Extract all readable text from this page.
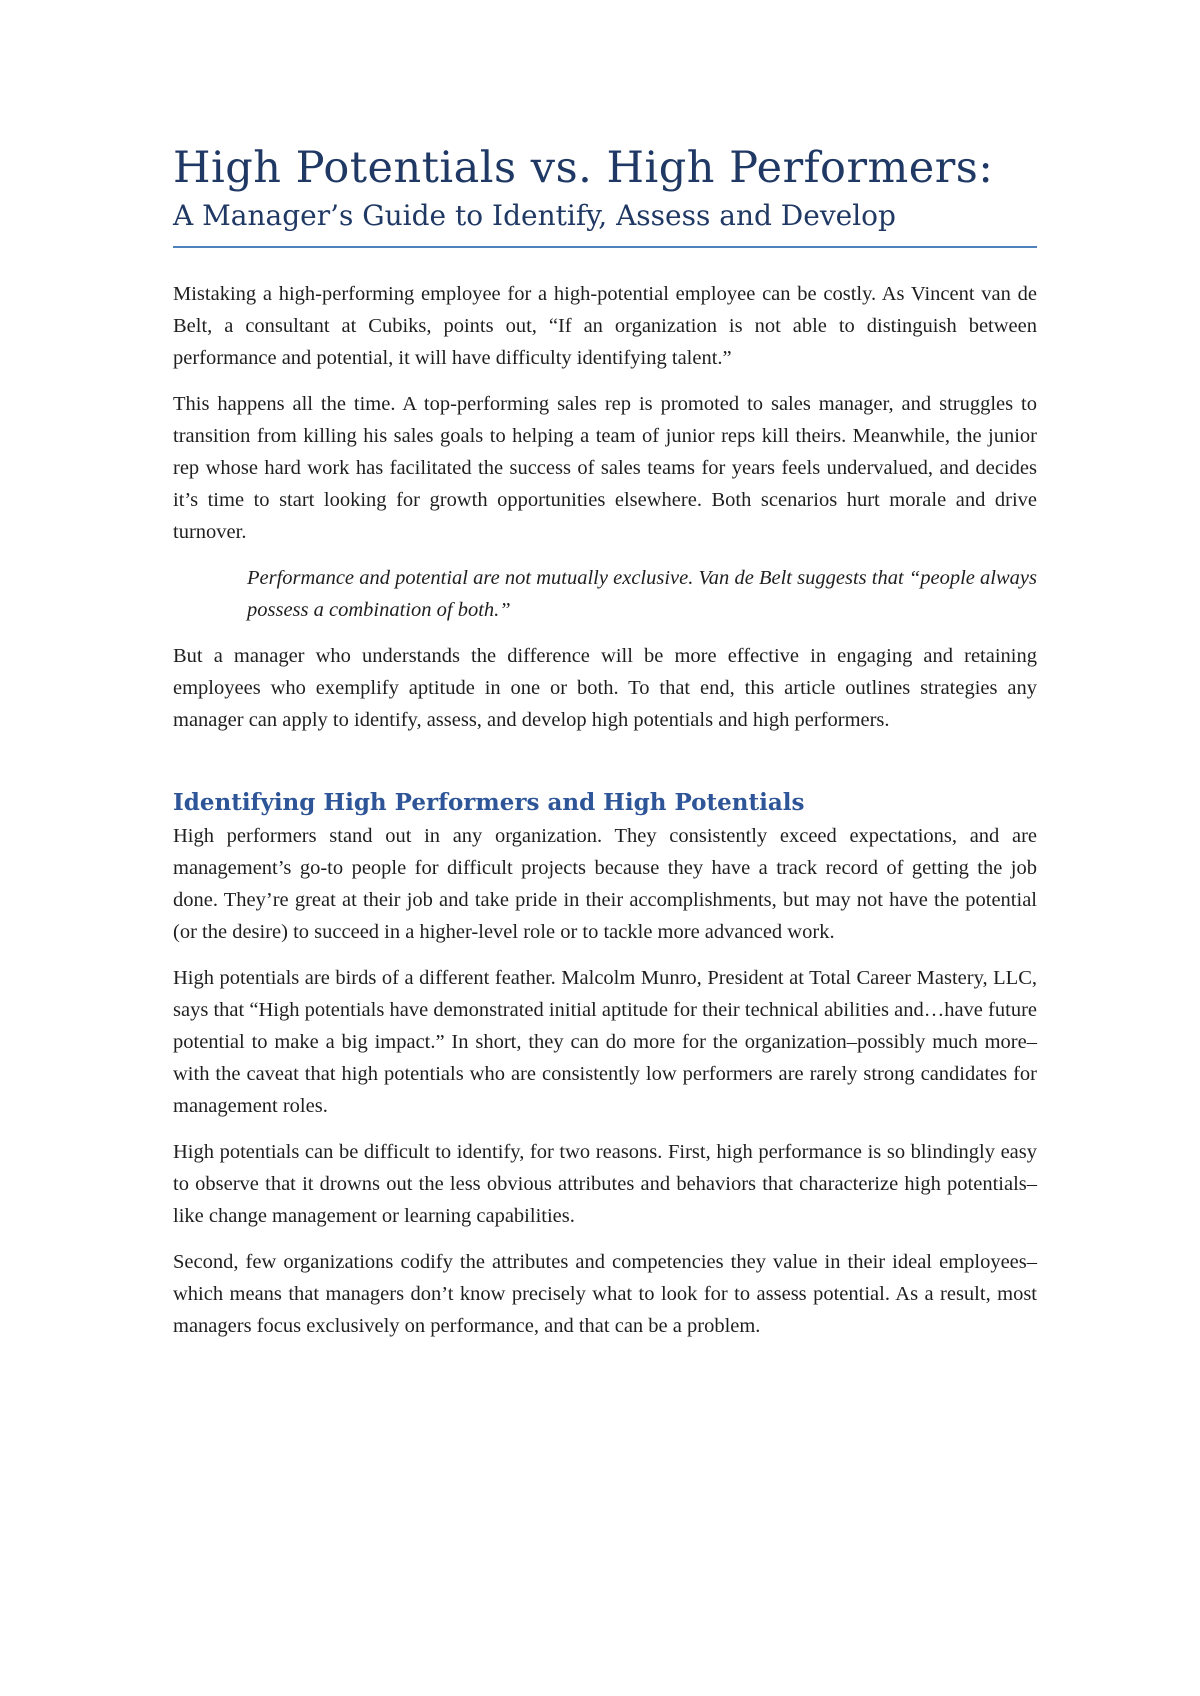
High Potentials vs. High Performers:
A Manager’s Guide to Identify, Assess and Develop

Mistaking a high-performing employee for a high-potential employee can be costly. As Vincent van de Belt, a consultant at Cubiks, points out, “If an organization is not able to distinguish between performance and potential, it will have difficulty identifying talent.”

This happens all the time. A top-performing sales rep is promoted to sales manager, and struggles to transition from killing his sales goals to helping a team of junior reps kill theirs. Meanwhile, the junior rep whose hard work has facilitated the success of sales teams for years feels undervalued, and decides it’s time to start looking for growth opportunities elsewhere. Both scenarios hurt morale and drive turnover.

Performance and potential are not mutually exclusive. Van de Belt suggests that “people always possess a combination of both.”

But a manager who understands the difference will be more effective in engaging and retaining employees who exemplify aptitude in one or both. To that end, this article outlines strategies any manager can apply to identify, assess, and develop high potentials and high performers.

Identifying High Performers and High Potentials

High performers stand out in any organization. They consistently exceed expectations, and are management’s go-to people for difficult projects because they have a track record of getting the job done. They’re great at their job and take pride in their accomplishments, but may not have the potential (or the desire) to succeed in a higher-level role or to tackle more advanced work.

High potentials are birds of a different feather. Malcolm Munro, President at Total Career Mastery, LLC, says that “High potentials have demonstrated initial aptitude for their technical abilities and…have future potential to make a big impact.” In short, they can do more for the organization–possibly much more–with the caveat that high potentials who are consistently low performers are rarely strong candidates for management roles.

High potentials can be difficult to identify, for two reasons. First, high performance is so blindingly easy to observe that it drowns out the less obvious attributes and behaviors that characterize high potentials–like change management or learning capabilities.

Second, few organizations codify the attributes and competencies they value in their ideal employees–which means that managers don’t know precisely what to look for to assess potential. As a result, most managers focus exclusively on performance, and that can be a problem.
